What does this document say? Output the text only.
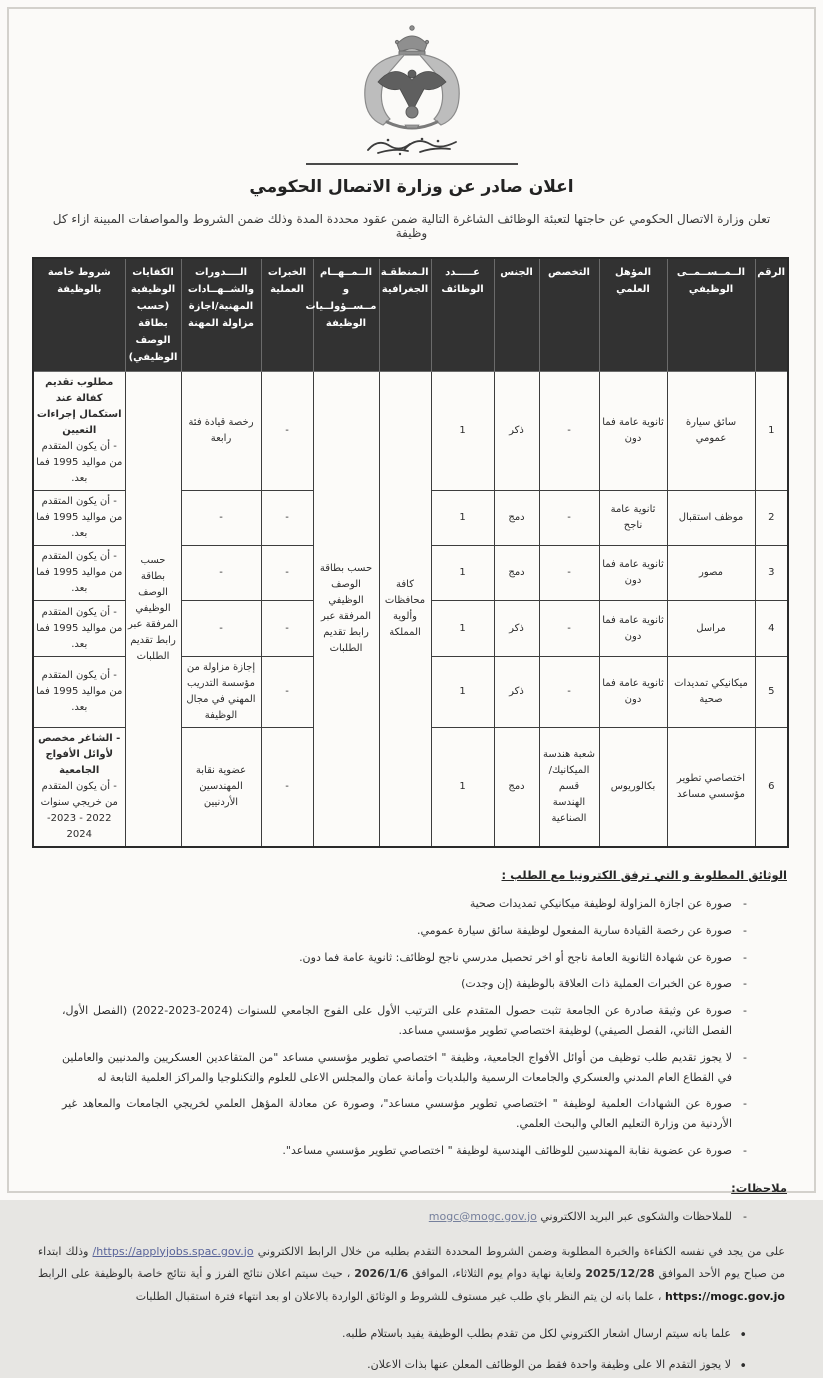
اعلان صادر عن وزارة الاتصال الحكومي

تعلن وزارة الاتصال الحكومي عن حاجتها لتعبئة الوظائف الشاغرة التالية ضمن عقود محددة المدة وذلك ضمن الشروط والمواصفات المبينة ازاء كل وظيفة

الرقم	الــمــســمــى الوظيفي	المؤهل العلمي	التخصص	الجنس	عـــــدد الوظائف	الـمنطقـة الجغرافية	الــمــهــام و مــســؤولــيات الوظيفة	الخبرات العملية	الــــدورات والشــهــادات المهنية/اجازة مزاولة المهنة	الكفايات الوظيفية (حسب بطاقة الوصف الوظيفي)	شروط خاصة بالوظيفة
1	سائق سيارة عمومي	ثانوية عامة فما دون	-	ذكر	1	كافة محافظات وألوية المملكة	حسب بطاقة الوصف الوظيفي المرفقة عبر رابط تقديم الطلبات	-	رخصة قيادة فئة رابعة	حسب بطاقة الوصف الوظيفي المرفقة عبر رابط تقديم الطلبات	مطلوب تقديم كفالة عند استكمال إجراءات التعيين
- أن يكون المتقدم من مواليد 1995 فما بعد.

2	موظف استقبال	ثانوية عامة ناجح	-	دمج	1			-	-		- أن يكون المتقدم من مواليد 1995 فما بعد.

3	مصور	ثانوية عامة فما دون	-	دمج	1			-	-		- أن يكون المتقدم من مواليد 1995 فما بعد.

4	مراسل	ثانوية عامة فما دون	-	ذكر	1			-	-		- أن يكون المتقدم من مواليد 1995 فما بعد.

5	ميكانيكي تمديدات صحية	ثانوية عامة فما دون	-	ذكر	1			-	إجازة مزاولة من مؤسسة التدريب المهني في مجال الوظيفة		- أن يكون المتقدم من مواليد 1995 فما بعد.

6	اختصاصي تطوير مؤسسي مساعد	بكالوريوس	شعبة هندسة الميكانيك/ قسم الهندسة الصناعية	دمج	1			-	عضوية نقابة المهندسين الأردنيين		- الشاغر مخصص لأوائل الأفواج الجامعية
- أن يكون المتقدم من خريجي سنوات 2022 - 2023- 2024
الوثائق المطلوبة و التي ترفق الكترونيا مع الطلب :
- صورة عن اجازة المزاولة لوظيفة ميكانيكي تمديدات صحية
- صورة عن رخصة القيادة سارية المفعول لوظيفة سائق سيارة عمومي.
- صورة عن شهادة الثانوية العامة ناجح أو اخر تحصيل مدرسي ناجح لوظائف: ثانوية عامة فما دون.
- صورة عن الخبرات العملية ذات العلاقة بالوظيفة (إن وجدت)
- صورة عن وثيقة صادرة عن الجامعة تثبت حصول المتقدم على الترتيب الأول على الفوج الجامعي للسنوات (2024-2023-2022) (الفصل الأول، الفصل الثاني، الفصل الصيفي) لوظيفة اختصاصي تطوير مؤسسي مساعد.
- لا يجوز تقديم طلب توظيف من أوائل الأفواج الجامعية، وظيفة " اختصاصي تطوير مؤسسي مساعد "من المتقاعدين العسكريين والمدنيين والعاملين في القطاع العام المدني والعسكري والجامعات الرسمية والبلديات وأمانة عمان والمجلس الاعلى للعلوم والتكنلوجيا والمراكز العلمية التابعة له
- صورة عن الشهادات العلمية لوظيفة " اختصاصي تطوير مؤسسي مساعد"، وصورة عن معادلة المؤهل العلمي لخريجي الجامعات والمعاهد غير الأردنية من وزارة التعليم العالي والبحث العلمي.
- صورة عن عضوية نقابة المهندسين للوظائف الهندسية لوظيفة " اختصاصي تطوير مؤسسي مساعد".
ملاحظات:
- للملاحظات والشكوى عبر البريد الالكتروني mogc@mogc.gov.jo

على من يجد في نفسه الكفاءة والخبرة المطلوبة وضمن الشروط المحددة التقدم بطلبه من خلال الرابط الالكتروني /https://applyjobs.spac.gov.jo وذلك ابتداء من صباح يوم الأحد الموافق 2025/12/28 ولغاية نهاية دوام يوم الثلاثاء، الموافق 2026/1/6 ، حيث سيتم اعلان نتائج الفرز و أية نتائج خاصة بالوظيفة على الرابط https://mogc.gov.jo ، علما بانه لن يتم النظر باي طلب غير مستوف للشروط و الوثائق الواردة بالاعلان او بعد انتهاء فترة استقبال الطلبات

• علما بانه سيتم ارسال اشعار الكتروني لكل من تقدم بطلب الوظيفة يفيد باستلام طلبه.
• لا يجوز التقدم الا على وظيفة واحدة فقط من الوظائف المعلن عنها بذات الاعلان.
